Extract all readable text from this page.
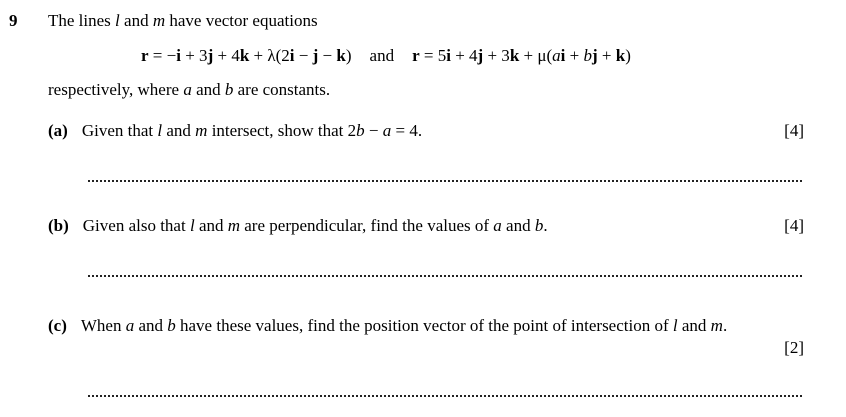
9 The lines l and m have vector equations
r = −i + 3j + 4k + λ(2i − j − k) and r = 5i + 4j + 3k + μ(ai + bj + k)
respectively, where a and b are constants.
(a) Given that l and m intersect, show that 2b − a = 4.	[4]
(b) Given also that l and m are perpendicular, find the values of a and b.	[4]
(c) When a and b have these values, find the position vector of the point of intersection of l and m.
[2]
